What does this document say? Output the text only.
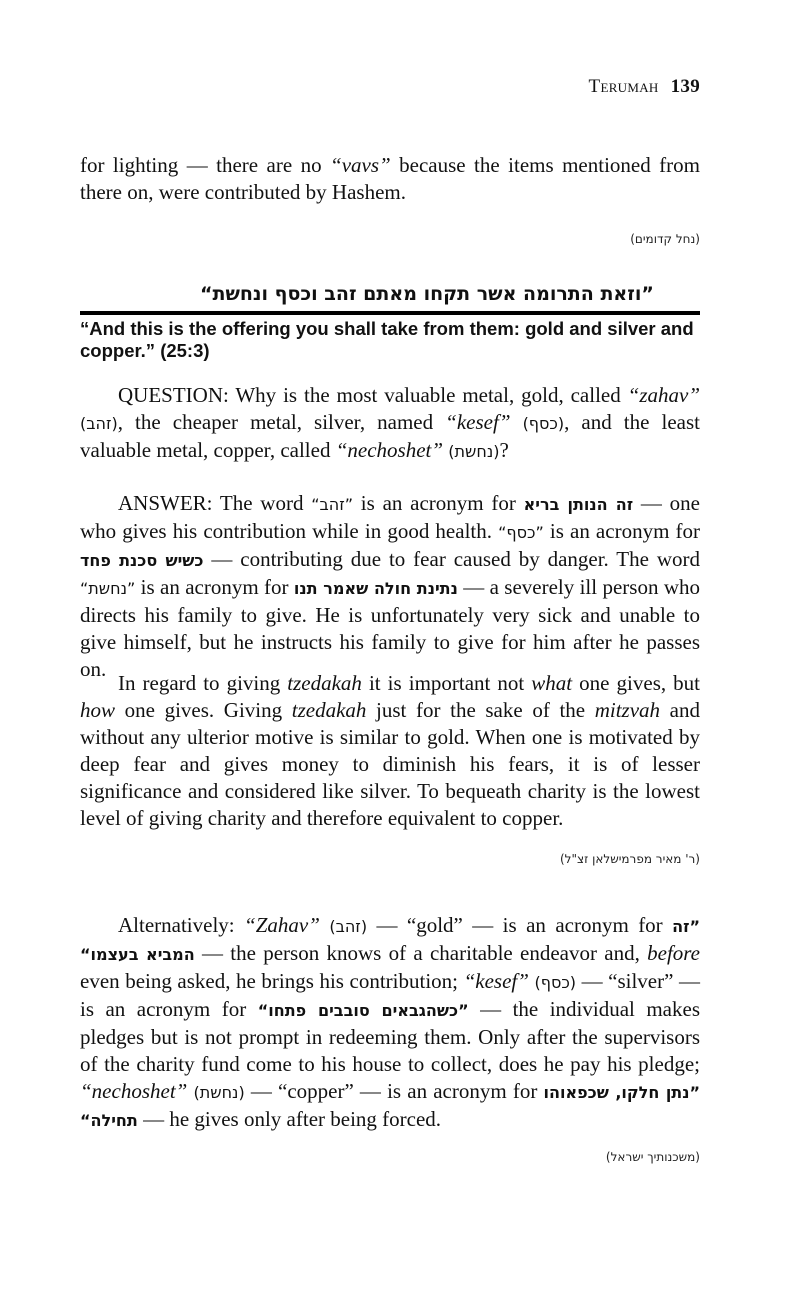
Terumah 139

for lighting — there are no “vavs” because the items mentioned from there on, were contributed by Hashem.

(נחל קדומים)
”וזאת התרומה אשר תקחו מאתם זהב וכסף ונחשת“
“And this is the offering you shall take from them: gold and silver and copper.” (25:3)

QUESTION: Why is the most valuable metal, gold, called “zahav” (זהב), the cheaper metal, silver, named “kesef” (כסף), and the least valuable metal, copper, called “nechoshet” (נחשת)?

ANSWER: The word ”זהב“ is an acronym for זה הנותן בריא	— one who gives his contribution while in good health. ”כסף“ is an acronym for כשיש סכנת פחד — contributing due to fear caused by danger. The word ”נחשת“ is an acronym for נתינת חולה שאמר תנו — a severely ill person who directs his family to give. He is unfortunately very sick and unable to give himself, but he instructs his family to give for him after he passes on.

In regard to giving tzedakah it is important not what one gives, but how one gives. Giving tzedakah just for the sake of the mitzvah and without any ulterior motive is similar to gold. When one is motivated by deep fear and gives money to diminish his fears, it is of lesser significance and considered like silver. To bequeath charity is the lowest level of giving charity and therefore equivalent to copper.

(ר' מאיר מפרמישלאן זצ"ל)

Alternatively: “Zahav” (זהב) — “gold” — is an acronym for ”זה המביא בעצמו“ — the person knows of a charitable endeavor and, before even being asked, he brings his contribution; “kesef” (כסף) — “silver” — is an acronym for ”כשהגבאים סובבים פתחו“ — the individual makes pledges but is not prompt in redeeming them. Only after the supervisors of the charity fund come to his house to collect, does he pay his pledge; “nechoshet” (נחשת) — “copper” — is an acronym for ”נתן חלקו, שכפאוהו תחילה“ — he gives only after being forced.

(משכנותיך ישראל)
